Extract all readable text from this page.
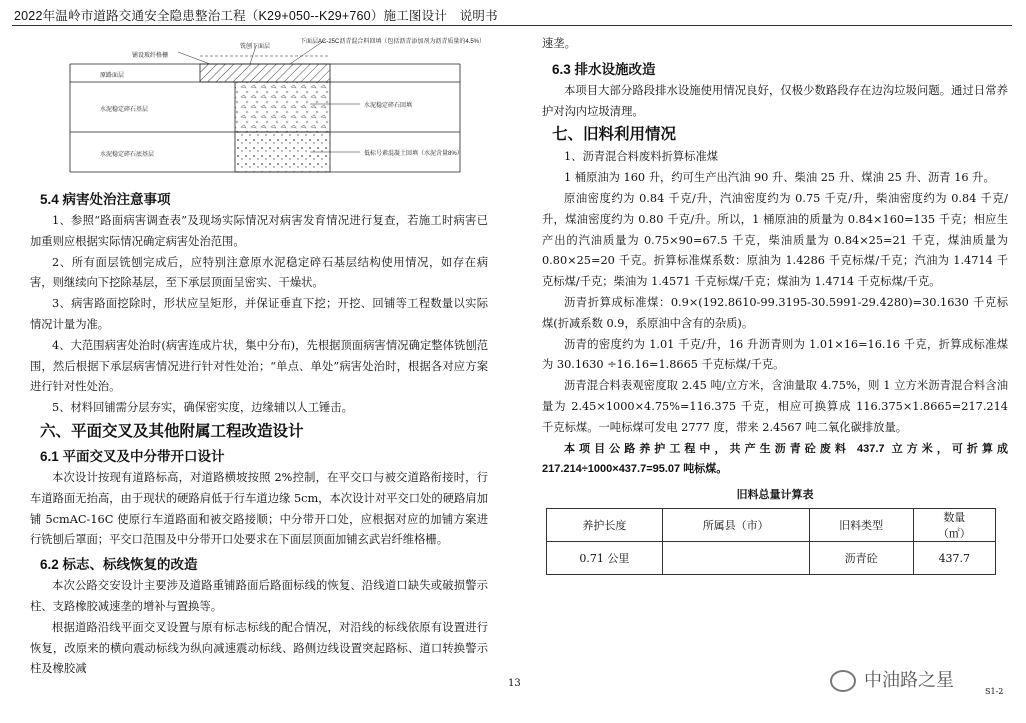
2022年温岭市道路交通安全隐患整治工程（K29+050--K29+760）施工图设计　说明书
下面层AC-25C沥青混合料回填（包括沥青添加剂为沥青质量的4.5%）
铺设玻纤格栅
铣刨下面层
原路面层
水泥稳定碎石基层
水泥稳定碎石底基层
水泥稳定碎石回填
低标号素混凝土回填（水泥含量8%）
5.4 病害处治注意事项

1、参照“路面病害调查表”及现场实际情况对病害发育情况进行复查，若施工时病害已加重则应根据实际情况确定病害处治范围。

2、所有面层铣刨完成后，应特别注意原水泥稳定碎石基层结构使用情况，如存在病害，则继续向下挖除基层，至下承层顶面呈密实、干燥状。

3、病害路面挖除时，形状应呈矩形，并保证垂直下挖；开挖、回铺等工程数量以实际情况计量为准。

4、大范围病害处治时(病害连成片状，集中分布)，先根据顶面病害情况确定整体铣刨范围，然后根据下承层病害情况进行针对性处治；“单点、单处”病害处治时，根据各对应方案进行针对性处治。

5、材料回铺需分层夯实，确保密实度，边缘辅以人工锤击。

六、平面交叉及其他附属工程改造设计
6.1 平面交叉及中分带开口设计

本次设计按现有道路标高，对道路横坡按照 2%控制，在平交口与被交道路衔接时，行车道路面无抬高，由于现状的硬路肩低于行车道边缘 5cm，本次设计对平交口处的硬路肩加铺 5cmAC-16C 使原行车道路面和被交路接顺；中分带开口处，应根据对应的加铺方案进行铣刨后罩面；平交口范围及中分带开口处要求在下面层顶面加铺玄武岩纤维格栅。

6.2 标志、标线恢复的改造

本次公路交安设计主要涉及道路重铺路面后路面标线的恢复、沿线道口缺失或破损警示柱、支路橡胶减速垄的增补与置换等。

根据道路沿线平面交叉设置与原有标志标线的配合情况，对沿线的标线依原有设置进行恢复，改原来的横向震动标线为纵向减速震动标线、路侧边线设置突起路标、道口转换警示柱及橡胶减

速垄。

6.3 排水设施改造

本项目大部分路段排水设施使用情况良好，仅极少数路段存在边沟垃圾问题。通过日常养护对沟内垃圾清理。

七、旧料利用情况

1、沥青混合料废料折算标准煤

1 桶原油为 160 升，约可生产出汽油 90 升、柴油 25 升、煤油 25 升、沥青 16 升。

原油密度约为 0.84 千克/升，汽油密度约为 0.75 千克/升，柴油密度约为 0.84 千克/升，煤油密度约为 0.80 千克/升。所以，1 桶原油的质量为 0.84×160=135 千克；相应生产出的汽油质量为 0.75×90=67.5 千克，柴油质量为 0.84×25=21 千克，煤油质量为 0.80×25=20 千克。折算标准煤系数：原油为 1.4286 千克标煤/千克；汽油为 1.4714 千克标煤/千克；柴油为 1.4571 千克标煤/千克；煤油为 1.4714 千克标煤/千克。

沥青折算成标准煤：0.9×(192.8610-99.3195-30.5991-29.4280)=30.1630 千克标煤(折减系数 0.9，系原油中含有的杂质)。

沥青的密度约为 1.01 千克/升，16 升沥青则为 1.01×16=16.16 千克，折算成标准煤为 30.1630 ÷16.16=1.8665 千克标煤/千克。

沥青混合料表观密度取 2.45 吨/立方米，含油量取 4.75%，则 1 立方米沥青混合料含油量为 2.45×1000×4.75%=116.375 千克，相应可换算成 116.375×1.8665=217.214 千克标煤。一吨标煤可发电 2777 度，带来 2.4567 吨二氧化碳排放量。

本项目公路养护工程中，共产生沥青砼废料 437.7 立方米，可折算成 217.214÷1000×437.7=95.07 吨标煤。

旧料总量计算表
养护长度	所属县（市）	旧料类型	数量
（㎡）
0.71 公里		沥青砼	437.7
13	中油路之星
S1-2
